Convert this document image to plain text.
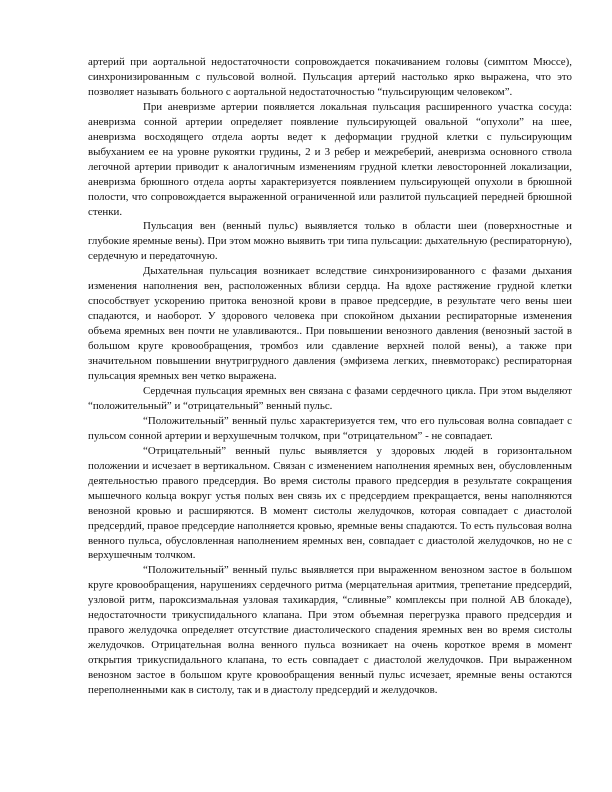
артерий при аортальной недостаточности сопровождается покачиванием головы (симптом Мюссе), синхронизированным с пульсовой волной. Пульсация артерий настолько ярко выражена, что это позволяет называть больного с аортальной недостаточностью “пульсирующим человеком”.

При аневризме артерии появляется локальная пульсация расширенного участка сосуда: аневризма сонной артерии определяет появление пульсирующей овальной “опухоли” на шее, аневризма восходящего отдела аорты ведет к деформации грудной клетки с пульсирующим выбуханием ее на уровне рукоятки грудины, 2 и 3 ребер и межреберий, аневризма основного ствола легочной артерии приводит к аналогичным изменениям грудной клетки левосторонней локализации, аневризма брюшного отдела аорты характеризуется появлением пульсирующей опухоли в брюшной полости, что сопровождается выраженной ограниченной или разлитой пульсацией передней брюшной стенки.

Пульсация вен (венный пульс) выявляется только в области шеи (поверхностные и глубокие яремные вены). При этом можно выявить три типа пульсации: дыхательную (респираторную), сердечную и передаточную.

Дыхательная пульсация возникает вследствие синхронизированного с фазами дыхания изменения наполнения вен, расположенных вблизи сердца. На вдохе растяжение грудной клетки способствует ускорению притока венозной крови в правое предсердие, в результате чего вены шеи спадаются, и наоборот. У здорового человека при спокойном дыхании респираторные изменения объема яремных вен почти не улавливаются.. При повышении венозного давления (венозный застой в большом круге кровообращения, тромбоз или сдавление верхней полой вены), а также при значительном повышении внутригрудного давления (эмфизема легких, пневмоторакс) респираторная пульсация яремных вен четко выражена.

Сердечная пульсация яремных вен связана с фазами сердечного цикла. При этом выделяют “положительный” и “отрицательный” венный пульс.

“Положительный” венный пульс характеризуется тем, что его пульсовая волна совпадает с пульсом сонной артерии и верхушечным толчком, при “отрицательном” - не совпадает.

“Отрицательный” венный пульс выявляется у здоровых людей в горизонтальном положении и исчезает в вертикальном. Связан с изменением наполнения яремных вен, обусловленным деятельностью правого предсердия. Во время систолы правого предсердия в результате сокращения мышечного кольца вокруг устья полых вен связь их с предсердием прекращается, вены наполняются венозной кровью и расширяются. В момент систолы желудочков, которая совпадает с диастолой предсердий, правое предсердие наполняется кровью, яремные вены спадаются. То есть пульсовая волна венного пульса, обусловленная наполнением яремных вен, совпадает с диастолой желудочков, но не с верхушечным толчком.

“Положительный” венный пульс выявляется при выраженном венозном застое в большом круге кровообращения, нарушениях сердечного ритма (мерцательная аритмия, трепетание предсердий, узловой ритм, пароксизмальная узловая тахикардия, “сливные” комплексы при полной АВ блокаде), недостаточности трикуспидального клапана. При этом объемная перегрузка правого предсердия и правого желудочка определяет отсутствие диастолического спадения яремных вен во время систолы желудочков. Отрицательная волна венного пульса возникает на очень короткое время в момент открытия трикуспидального клапана, то есть совпадает с диастолой желудочков. При выраженном венозном застое в большом круге кровообращения венный пульс исчезает, яремные вены остаются переполненными как в систолу, так и в диастолу предсердий и желудочков.
